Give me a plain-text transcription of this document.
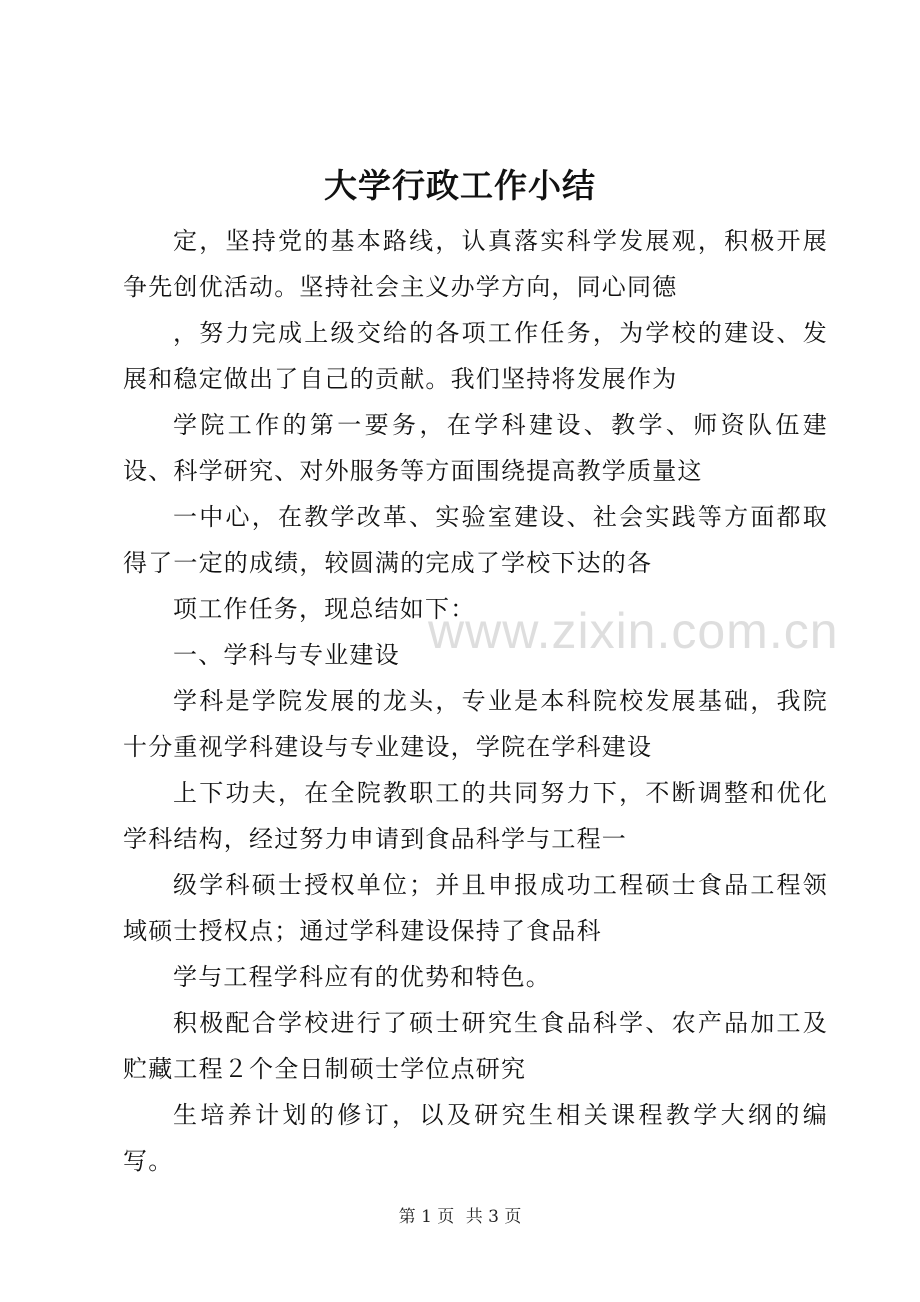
大学行政工作小结

定，坚持党的基本路线，认真落实科学发展观，积极开展争先创优活动。坚持社会主义办学方向，同心同德

，努力完成上级交给的各项工作任务，为学校的建设、发展和稳定做出了自己的贡献。我们坚持将发展作为

学院工作的第一要务，在学科建设、教学、师资队伍建设、科学研究、对外服务等方面围绕提高教学质量这

一中心，在教学改革、实验室建设、社会实践等方面都取得了一定的成绩，较圆满的完成了学校下达的各

项工作任务，现总结如下：

一、学科与专业建设

学科是学院发展的龙头，专业是本科院校发展基础，我院十分重视学科建设与专业建设，学院在学科建设

上下功夫，在全院教职工的共同努力下，不断调整和优化学科结构，经过努力申请到食品科学与工程一

级学科硕士授权单位；并且申报成功工程硕士食品工程领域硕士授权点；通过学科建设保持了食品科

学与工程学科应有的优势和特色。

积极配合学校进行了硕士研究生食品科学、农产品加工及贮藏工程２个全日制硕士学位点研究

生培养计划的修订，以及研究生相关课程教学大纲的编写。

www.zixin.com.cn
第 1 页 共 3 页
